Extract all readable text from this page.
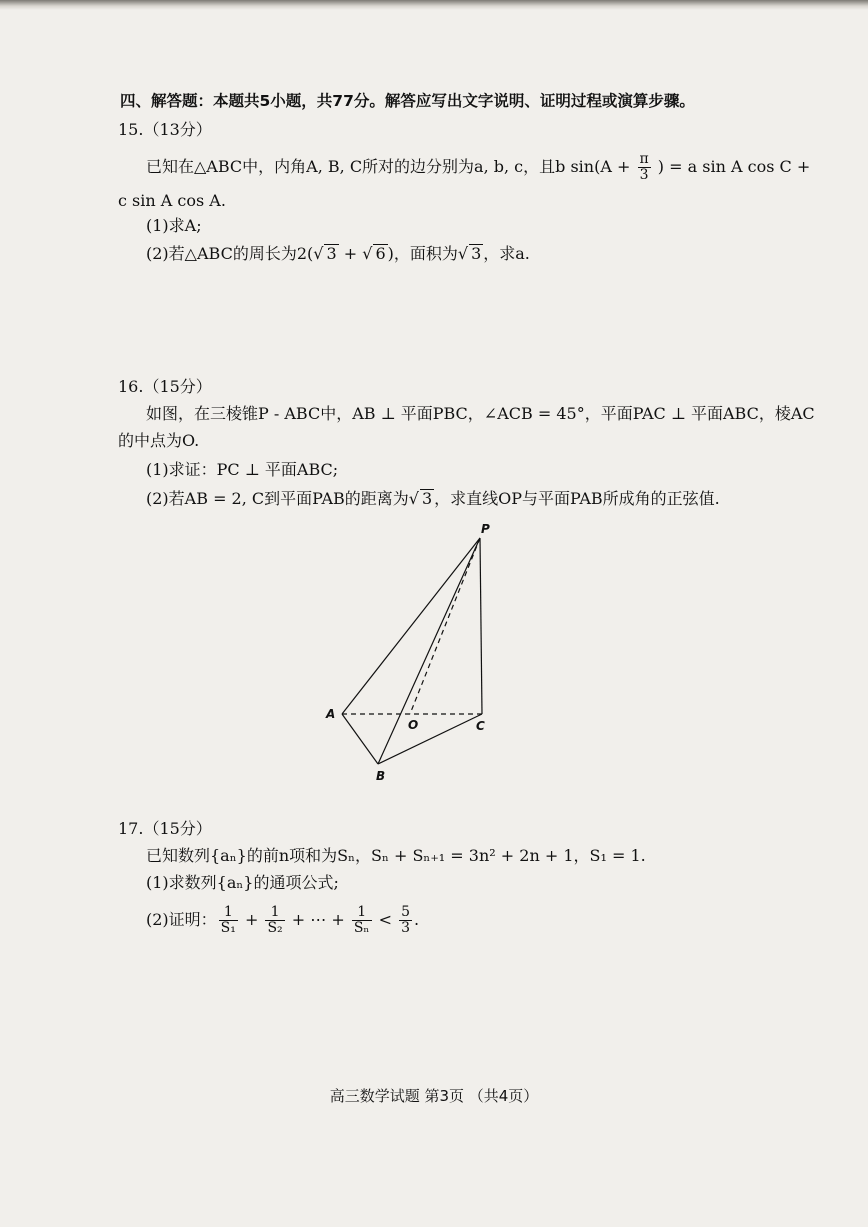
四、解答题：本题共5小题，共77分。解答应写出文字说明、证明过程或演算步骤。
15.（13分）
已知在△ABC中，内角A, B, C所对的边分别为a, b, c，且b $\sin(A + \frac{\pi}{3}$ ) = a sin A cos C +
c sin A cos A.
(1)求A;
(2)若△ABC的周长为2(√ 3 + √ 6 )，面积为√ 3 ，求a.
16.（15分）
如图，在三棱锥P - ABC中，AB ⊥ 平面PBC，∠ACB = 45°，平面PAC ⊥ 平面ABC，棱AC
的中点为O.
(1)求证：PC ⊥ 平面ABC;
(2)若AB = 2, C到平面PAB的距离为√ 3 ，求直线OP与平面PAB所成角的正弦值.
P
A
O	C
B
17.（15分）
已知数列{aₙ}的前n项和为Sₙ，Sₙ + Sₙ₊₁ = 3n² + 2n + 1，S₁ = 1.
(1)求数列{aₙ}的通项公式;
(2)证明： $\frac{1}{\text{S₁}} + \frac{1}{\text{S₂}}$ + ⋯ + $\frac{1}{\text{Sₙ}} < \frac{5}{3}$ .
高三数学试题 第3页 （共4页）
